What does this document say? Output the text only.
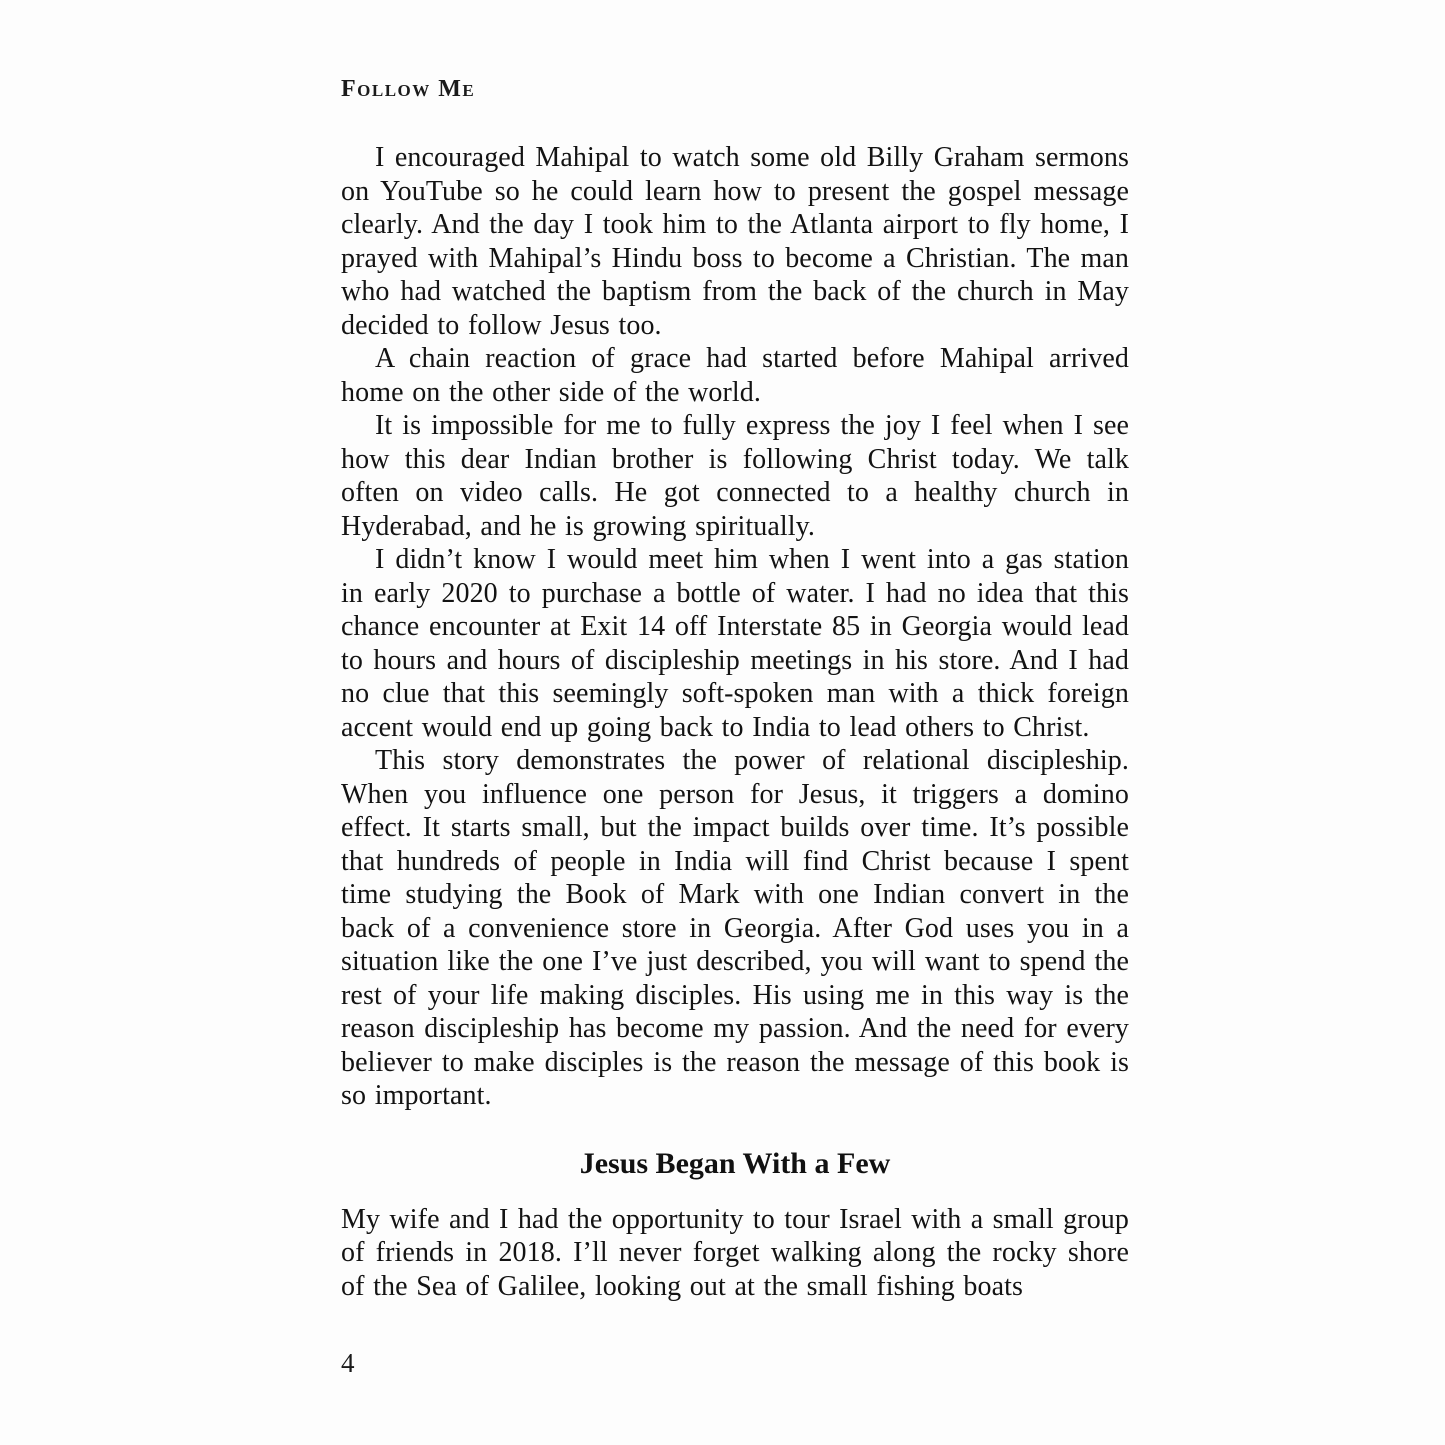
Follow Me

I encouraged Mahipal to watch some old Billy Graham sermons on YouTube so he could learn how to present the gospel message clearly. And the day I took him to the Atlanta airport to fly home, I prayed with Mahipal’s Hindu boss to become a Christian. The man who had watched the baptism from the back of the church in May decided to follow Jesus too.

A chain reaction of grace had started before Mahipal arrived home on the other side of the world.

It is impossible for me to fully express the joy I feel when I see how this dear Indian brother is following Christ today. We talk often on video calls. He got connected to a healthy church in Hyderabad, and he is growing spiritually.

I didn’t know I would meet him when I went into a gas station in early 2020 to purchase a bottle of water. I had no idea that this chance encounter at Exit 14 off Interstate 85 in Georgia would lead to hours and hours of discipleship meetings in his store. And I had no clue that this seemingly soft-spoken man with a thick foreign accent would end up going back to India to lead others to Christ.

This story demonstrates the power of relational discipleship. When you influence one person for Jesus, it triggers a domino effect. It starts small, but the impact builds over time. It’s possible that hundreds of people in India will find Christ because I spent time studying the Book of Mark with one Indian convert in the back of a convenience store in Georgia. After God uses you in a situation like the one I’ve just described, you will want to spend the rest of your life making disciples. His using me in this way is the reason discipleship has become my passion. And the need for every believer to make disciples is the reason the message of this book is so important.

Jesus Began With a Few

My wife and I had the opportunity to tour Israel with a small group of friends in 2018. I’ll never forget walking along the rocky shore of the Sea of Galilee, looking out at the small fishing boats

4
